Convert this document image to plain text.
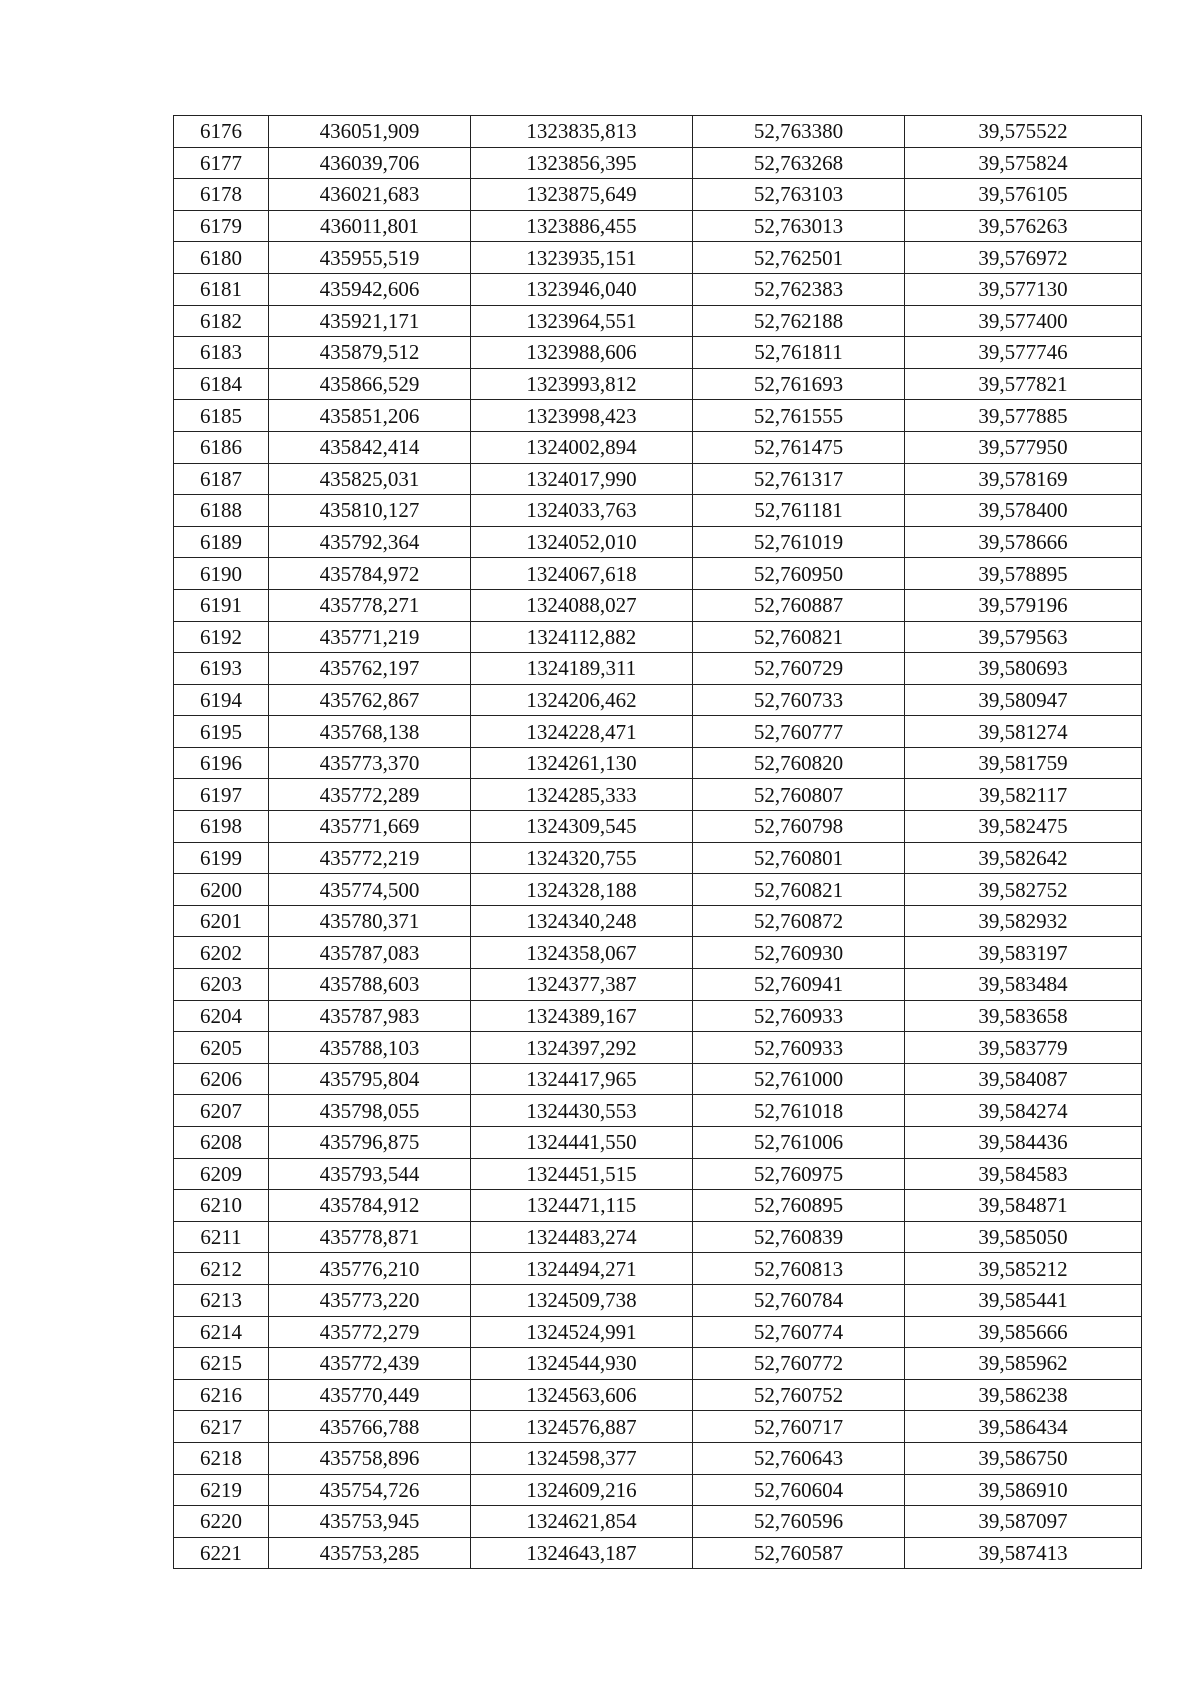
6176	436051,909	1323835,813	52,763380	39,575522
6177	436039,706	1323856,395	52,763268	39,575824
6178	436021,683	1323875,649	52,763103	39,576105
6179	436011,801	1323886,455	52,763013	39,576263
6180	435955,519	1323935,151	52,762501	39,576972
6181	435942,606	1323946,040	52,762383	39,577130
6182	435921,171	1323964,551	52,762188	39,577400
6183	435879,512	1323988,606	52,761811	39,577746
6184	435866,529	1323993,812	52,761693	39,577821
6185	435851,206	1323998,423	52,761555	39,577885
6186	435842,414	1324002,894	52,761475	39,577950
6187	435825,031	1324017,990	52,761317	39,578169
6188	435810,127	1324033,763	52,761181	39,578400
6189	435792,364	1324052,010	52,761019	39,578666
6190	435784,972	1324067,618	52,760950	39,578895
6191	435778,271	1324088,027	52,760887	39,579196
6192	435771,219	1324112,882	52,760821	39,579563
6193	435762,197	1324189,311	52,760729	39,580693
6194	435762,867	1324206,462	52,760733	39,580947
6195	435768,138	1324228,471	52,760777	39,581274
6196	435773,370	1324261,130	52,760820	39,581759
6197	435772,289	1324285,333	52,760807	39,582117
6198	435771,669	1324309,545	52,760798	39,582475
6199	435772,219	1324320,755	52,760801	39,582642
6200	435774,500	1324328,188	52,760821	39,582752
6201	435780,371	1324340,248	52,760872	39,582932
6202	435787,083	1324358,067	52,760930	39,583197
6203	435788,603	1324377,387	52,760941	39,583484
6204	435787,983	1324389,167	52,760933	39,583658
6205	435788,103	1324397,292	52,760933	39,583779
6206	435795,804	1324417,965	52,761000	39,584087
6207	435798,055	1324430,553	52,761018	39,584274
6208	435796,875	1324441,550	52,761006	39,584436
6209	435793,544	1324451,515	52,760975	39,584583
6210	435784,912	1324471,115	52,760895	39,584871
6211	435778,871	1324483,274	52,760839	39,585050
6212	435776,210	1324494,271	52,760813	39,585212
6213	435773,220	1324509,738	52,760784	39,585441
6214	435772,279	1324524,991	52,760774	39,585666
6215	435772,439	1324544,930	52,760772	39,585962
6216	435770,449	1324563,606	52,760752	39,586238
6217	435766,788	1324576,887	52,760717	39,586434
6218	435758,896	1324598,377	52,760643	39,586750
6219	435754,726	1324609,216	52,760604	39,586910
6220	435753,945	1324621,854	52,760596	39,587097
6221	435753,285	1324643,187	52,760587	39,587413
